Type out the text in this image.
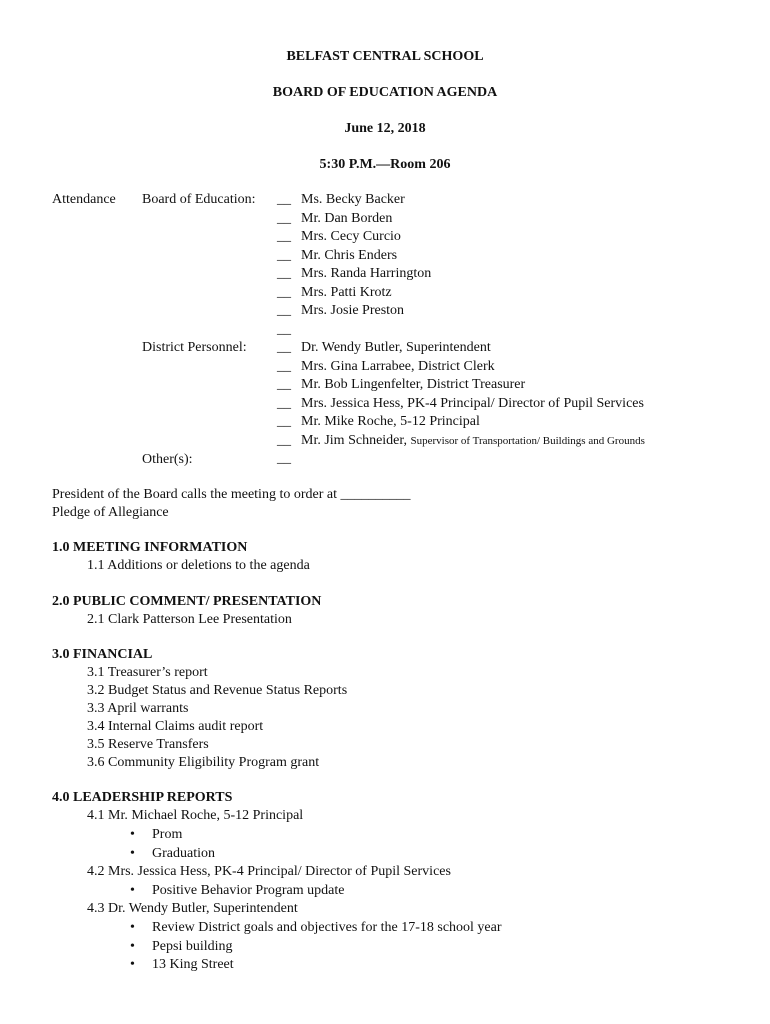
BELFAST CENTRAL SCHOOL
BOARD OF EDUCATION AGENDA
June 12, 2018
5:30 P.M.—Room 206
Attendance Board of Education: __ Ms. Becky Backer
__ Mr. Dan Borden
__ Mrs. Cecy Curcio
__ Mr. Chris Enders
__ Mrs. Randa Harrington
__ Mrs. Patti Krotz
__ Mrs. Josie Preston
__
District Personnel: __ Dr. Wendy Butler, Superintendent
__ Mrs. Gina Larrabee, District Clerk
__ Mr. Bob Lingenfelter, District Treasurer
__ Mrs. Jessica Hess, PK-4 Principal/ Director of Pupil Services
__ Mr. Mike Roche, 5-12 Principal
__ Mr. Jim Schneider, Supervisor of Transportation/ Buildings and Grounds
__
Other(s):
President of the Board calls the meeting to order at __________
Pledge of Allegiance
1.0 MEETING INFORMATION
1.1 Additions or deletions to the agenda
2.0 PUBLIC COMMENT/ PRESENTATION
2.1 Clark Patterson Lee Presentation
3.0 FINANCIAL
3.1 Treasurer’s report
3.2 Budget Status and Revenue Status Reports
3.3 April warrants
3.4 Internal Claims audit report
3.5 Reserve Transfers
3.6 Community Eligibility Program grant
4.0 LEADERSHIP REPORTS
4.1 Mr. Michael Roche, 5-12 Principal
• Prom
• Graduation
4.2 Mrs. Jessica Hess, PK-4 Principal/ Director of Pupil Services
• Positive Behavior Program update
4.3 Dr. Wendy Butler, Superintendent
• Review District goals and objectives for the 17-18 school year
• Pepsi building
• 13 King Street
